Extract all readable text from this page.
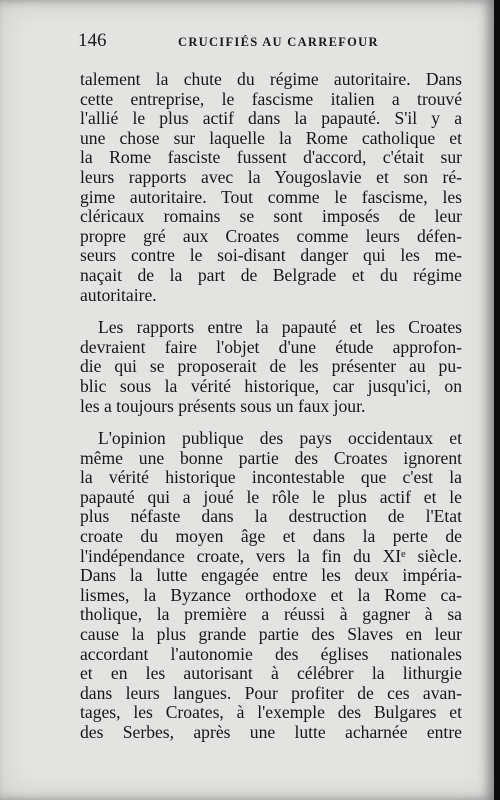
146	CRUCIFIÉS AU CARREFOUR

talement la chute du régime autoritaire. Dans
cette entreprise, le fascisme italien a trouvé
l'allié le plus actif dans la papauté. S'il y a
une chose sur laquelle la Rome catholique et
la Rome fasciste fussent d'accord, c'était sur
leurs rapports avec la Yougoslavie et son ré-
gime autoritaire. Tout comme le fascisme, les
cléricaux romains se sont imposés de leur
propre gré aux Croates comme leurs défen-
seurs contre le soi-disant danger qui les me-
naçait de la part de Belgrade et du régime
autoritaire.

Les rapports entre la papauté et les Croates
devraient faire l'objet d'une étude approfon-
die qui se proposerait de les présenter au pu-
blic sous la vérité historique, car jusqu'ici, on
les a toujours présents sous un faux jour.

L'opinion publique des pays occidentaux et
même une bonne partie des Croates ignorent
la vérité historique incontestable que c'est la
papauté qui a joué le rôle le plus actif et le
plus néfaste dans la destruction de l'Etat
croate du moyen âge et dans la perte de
l'indépendance croate, vers la fin du XIᵉ siècle.
Dans la lutte engagée entre les deux impéria-
lismes, la Byzance orthodoxe et la Rome ca-
tholique, la première a réussi à gagner à sa
cause la plus grande partie des Slaves en leur
accordant l'autonomie des églises nationales
et en les autorisant à célébrer la lithurgie
dans leurs langues. Pour profiter de ces avan-
tages, les Croates, à l'exemple des Bulgares et
des Serbes, après une lutte acharnée entre
